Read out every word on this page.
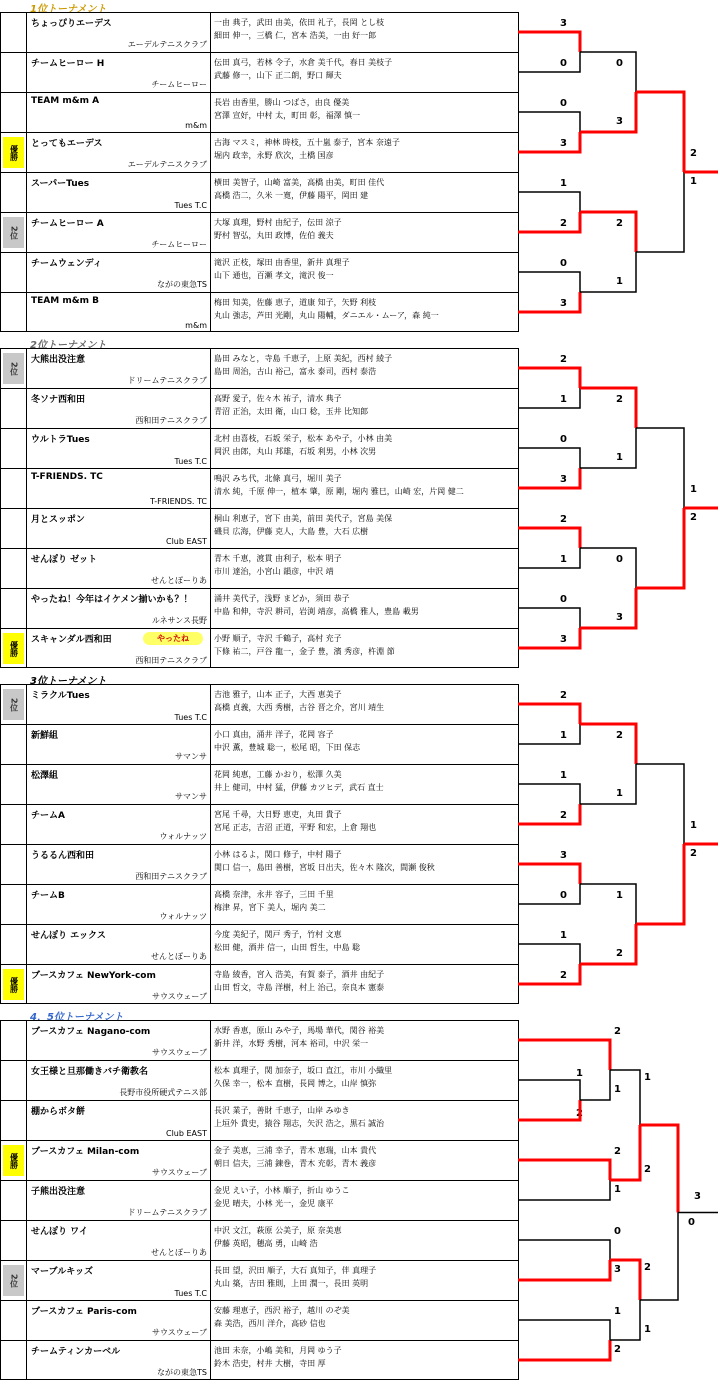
1位トーナメント
ちょっぴりエーデス
エーデルテニスクラブ
一由 典子，武田 由美，依田 礼子，長岡 とし枝
細田 伸一，三橋 仁，宮本 浩美，一由 好一郎
チームヒーロー H
チームヒーロー
伝田 真弓，若林 令子，水倉 美千代，春日 美枝子
武藤 修一，山下 正二朗，野口 輝夫
TEAM m&m A
m&m
長岩 由香里，勝山 つばさ，由良 優美
宮澤 宣好，中村 太，町田 彰，福澤 慎一
優勝
とってもエーデス
エーデルテニスクラブ
古海 マスミ，神林 時枝，五十嵐 泰子，宮本 奈遠子
堀内 政幸，永野 欣次，土橋 国彦
スーパーTues
Tues T.C
横田 美智子，山崎 富美，高橋 由美，町田 佳代
高橋 浩二，久米 一寛，伊藤 陽平，岡田 建
2位
チームヒーロー A
チームヒーロー
大塚 真理，野村 由紀子，伝田 涼子
野村 智弘，丸田 政博，佐伯 義夫
チームウェンディ
ながの東急TS
滝沢 正枝，塚田 由香里，新井 真理子
山下 通也，百瀬 孝文，滝沢 俊一
TEAM m&m B
m&m
梅田 知美，佐藤 恵子，道康 知子，矢野 利枝
丸山 強志，芦田 光剛，丸山 陽輔，ダニエル・ムーア，森 純一
3
0
0
3
1
2
0
3
0
3
2
1
2
1
2位トーナメント
2位
大熊出没注意
ドリームテニスクラブ
島田 みなと，寺島 千恵子，上原 美紀，西村 綾子
島田 周治，古山 裕己，富永 泰司，西村 泰浩
冬ソナ西和田
西和田テニスクラブ
高野 愛子，佐々木 祐子，清水 典子
青沼 正治，太田 衛，山口 稔，玉井 比知郎
ウルトラTues
Tues T.C
北村 由喜枝，石坂 栄子，松本 あや子，小林 由美
岡沢 由郎，丸山 邦雄，石坂 利男，小林 次男
T-FRIENDS. TC
T-FRIENDS. TC
鳴沢 みち代，北條 真弓，堀川 美子
清水 純，千原 伸一，植本 肇，原 剛，堀内 雅巳，山崎 宏，片岡 健二
月とスッポン
Club EAST
桐山 利恵子，宮下 由美，前田 美代子，宮島 美保
磯貝 広海，伊藤 克人，大島 豊，大石 広樹
せんぽり ゼット
せんとぽーりあ
青木 千恵，渡貫 由利子，松本 明子
市川 達治，小宮山 韻彦，中沢 靖
やったね！今年はイケメン揃いかも？！
ルネサンス長野
涌井 美代子，浅野 まどか，須田 恭子
中島 和伸，寺沢 耕司，岩渕 靖彦，高橋 雅人，豊島 載男
優勝
スキャンダル西和田
西和田テニスクラブ
やったね	小野 順子，寺沢 千鶴子，高村 充子
下條 祐二，戸谷 龍一，金子 豊，濱 秀彦，杵淵 節
2
1
0
3
2
1
0
3
2
1
0
3
1
2
3位トーナメント
2位
ミラクルTues
Tues T.C
吉池 雅子，山本 正子，大西 恵美子
高橋 貞義，大西 秀樹，古谷 晋之介，宮川 靖生
新鮮組
サマンサ
小口 真由，涌井 洋子，花岡 容子
中沢 薫，豊城 聡一，松尾 昭，下田 保志
松澤組
サマンサ
花岡 純恵，工藤 かおり，松澤 久美
井上 健司，中村 猛，伊藤 カツヒデ，武石 直士
チームA
ウォルナッツ
宮尾 千尋，大日野 恵吏，丸田 貴子
宮尾 正志，吉沼 正道，平野 和宏，上倉 翔也
うるるん西和田
西和田テニスクラブ
小林 はるよ，関口 修子，中村 陽子
関口 信一，島田 善樹，宮坂 日出夫，佐々木 隆次，間瀬 俊秋
チームB
ウォルナッツ
高橋 奈津，永井 容子，三田 千里
梅津 昇，宮下 美人，堀内 美二
せんぽり エックス
せんとぽーりあ
今度 美紀子，関戸 秀子，竹村 文恵
松田 健，酒井 信一，山田 哲生，中島 聡
優勝
ブースカフェ NewYork-com
サウスウェーブ
寺島 綾香，宮入 浩美，有賀 泰子，酒井 由紀子
山田 哲文，寺島 洋樹，村上 治己，奈良本 憲泰
2
1
1
2
3
0
1
2
2
1
1
2
1
2
4．5位トーナメント
ブースカフェ Nagano-com
サウスウェーブ
水野 香恵，原山 みや子，馬場 華代，関谷 裕美
新井 洋，水野 秀樹，河本 裕司，中沢 栄一
女王様と旦那働きバチ衛教名
長野市役所硬式テニス部
松本 真理子，関 加奈子，坂口 直江，市川 小織里
久保 幸一，松本 直樹，長岡 博之，山岸 慎弥
棚からボタ餅
Club EAST
長沢 業子，善財 千恵子，山岸 みゆき
上垣外 貴史，猿谷 翔志，矢沢 浩之，黒石 誠治
優勝
ブースカフェ Milan-com
サウスウェーブ
金子 美恵，三浦 幸子，青木 恵瑞，山本 貴代
朝日 信夫，三浦 錬巻，青木 充彰，青木 義彦
子熊出没注意
ドリームテニスクラブ
金児 えい子，小林 順子，折山 ゆうこ
金児 晴夫，小林 光一，金児 康平
せんぽり ワイ
せんとぽーりあ
中沢 文江，萩原 公美子，原 奈美恵
伊藤 英昭，穂高 勇，山崎 浩
2位
マーブルキッズ
Tues T.C
長田 望，沢田 順子，大石 真知子，伴 真理子
丸山 築，吉田 雅則，上田 潤一，長田 英明
ブースカフェ Paris-com
サウスウェーブ
安藤 理恵子，西沢 裕子，越川 のぞ美
森 美浩，西川 洋介，高砂 信也
チームティンカーベル
ながの東急TS
池田 未奈，小嶋 美和，月岡 ゆう子
鈴木 浩史，村井 大樹，寺田 厚
1
2
2
1
2
1
0
3
1
2
1
2
2
1
3
0
